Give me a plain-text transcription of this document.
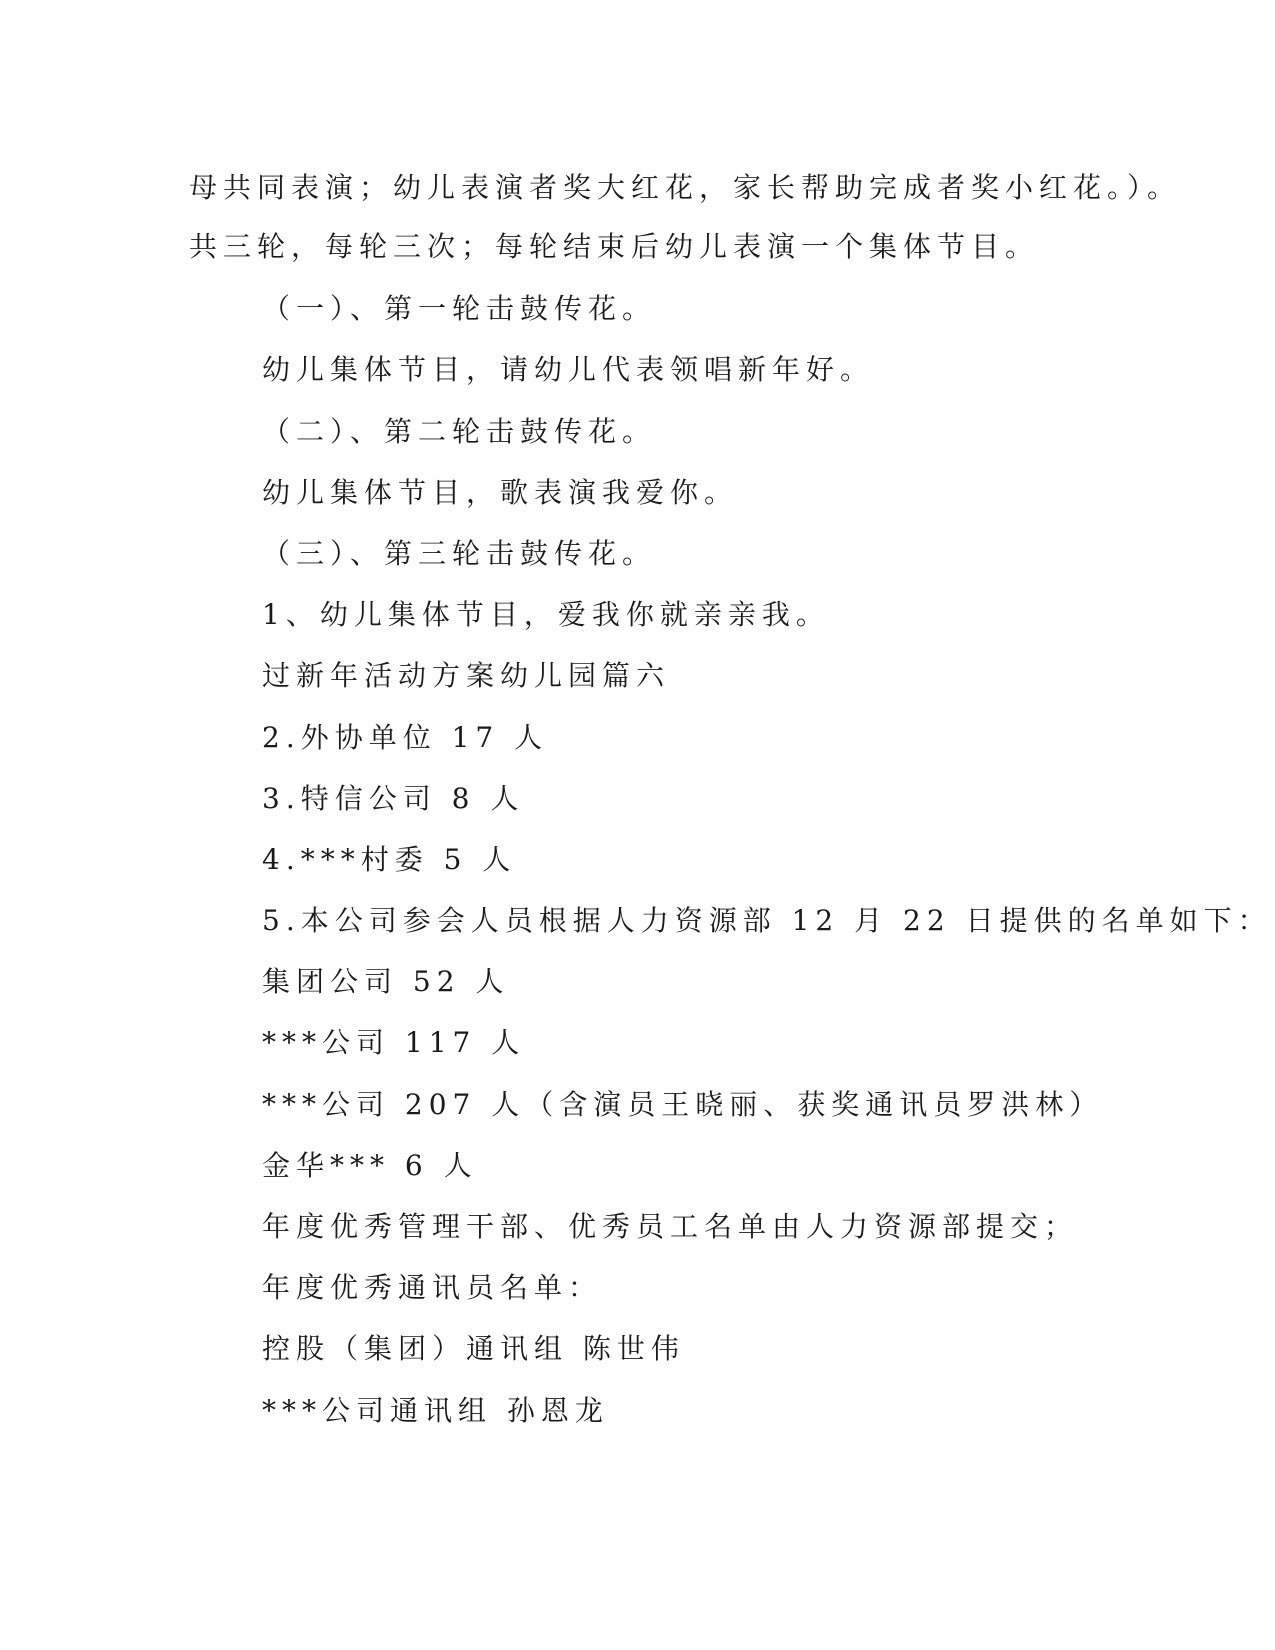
母共同表演；幼儿表演者奖大红花，家长帮助完成者奖小红花。）。

共三轮，每轮三次；每轮结束后幼儿表演一个集体节目。

（一）、第一轮击鼓传花。

幼儿集体节目，请幼儿代表领唱新年好。

（二）、第二轮击鼓传花。

幼儿集体节目，歌表演我爱你。

（三）、第三轮击鼓传花。

1、幼儿集体节目，爱我你就亲亲我。

过新年活动方案幼儿园篇六

2.外协单位 17 人

3.特信公司 8 人

4.***村委 5 人

5.本公司参会人员根据人力资源部 12 月 22 日提供的名单如下：

集团公司 52 人

***公司 117 人

***公司 207 人（含演员王晓丽、获奖通讯员罗洪林）

金华*** 6 人

年度优秀管理干部、优秀员工名单由人力资源部提交；

年度优秀通讯员名单：

控股（集团）通讯组 陈世伟

***公司通讯组 孙恩龙
